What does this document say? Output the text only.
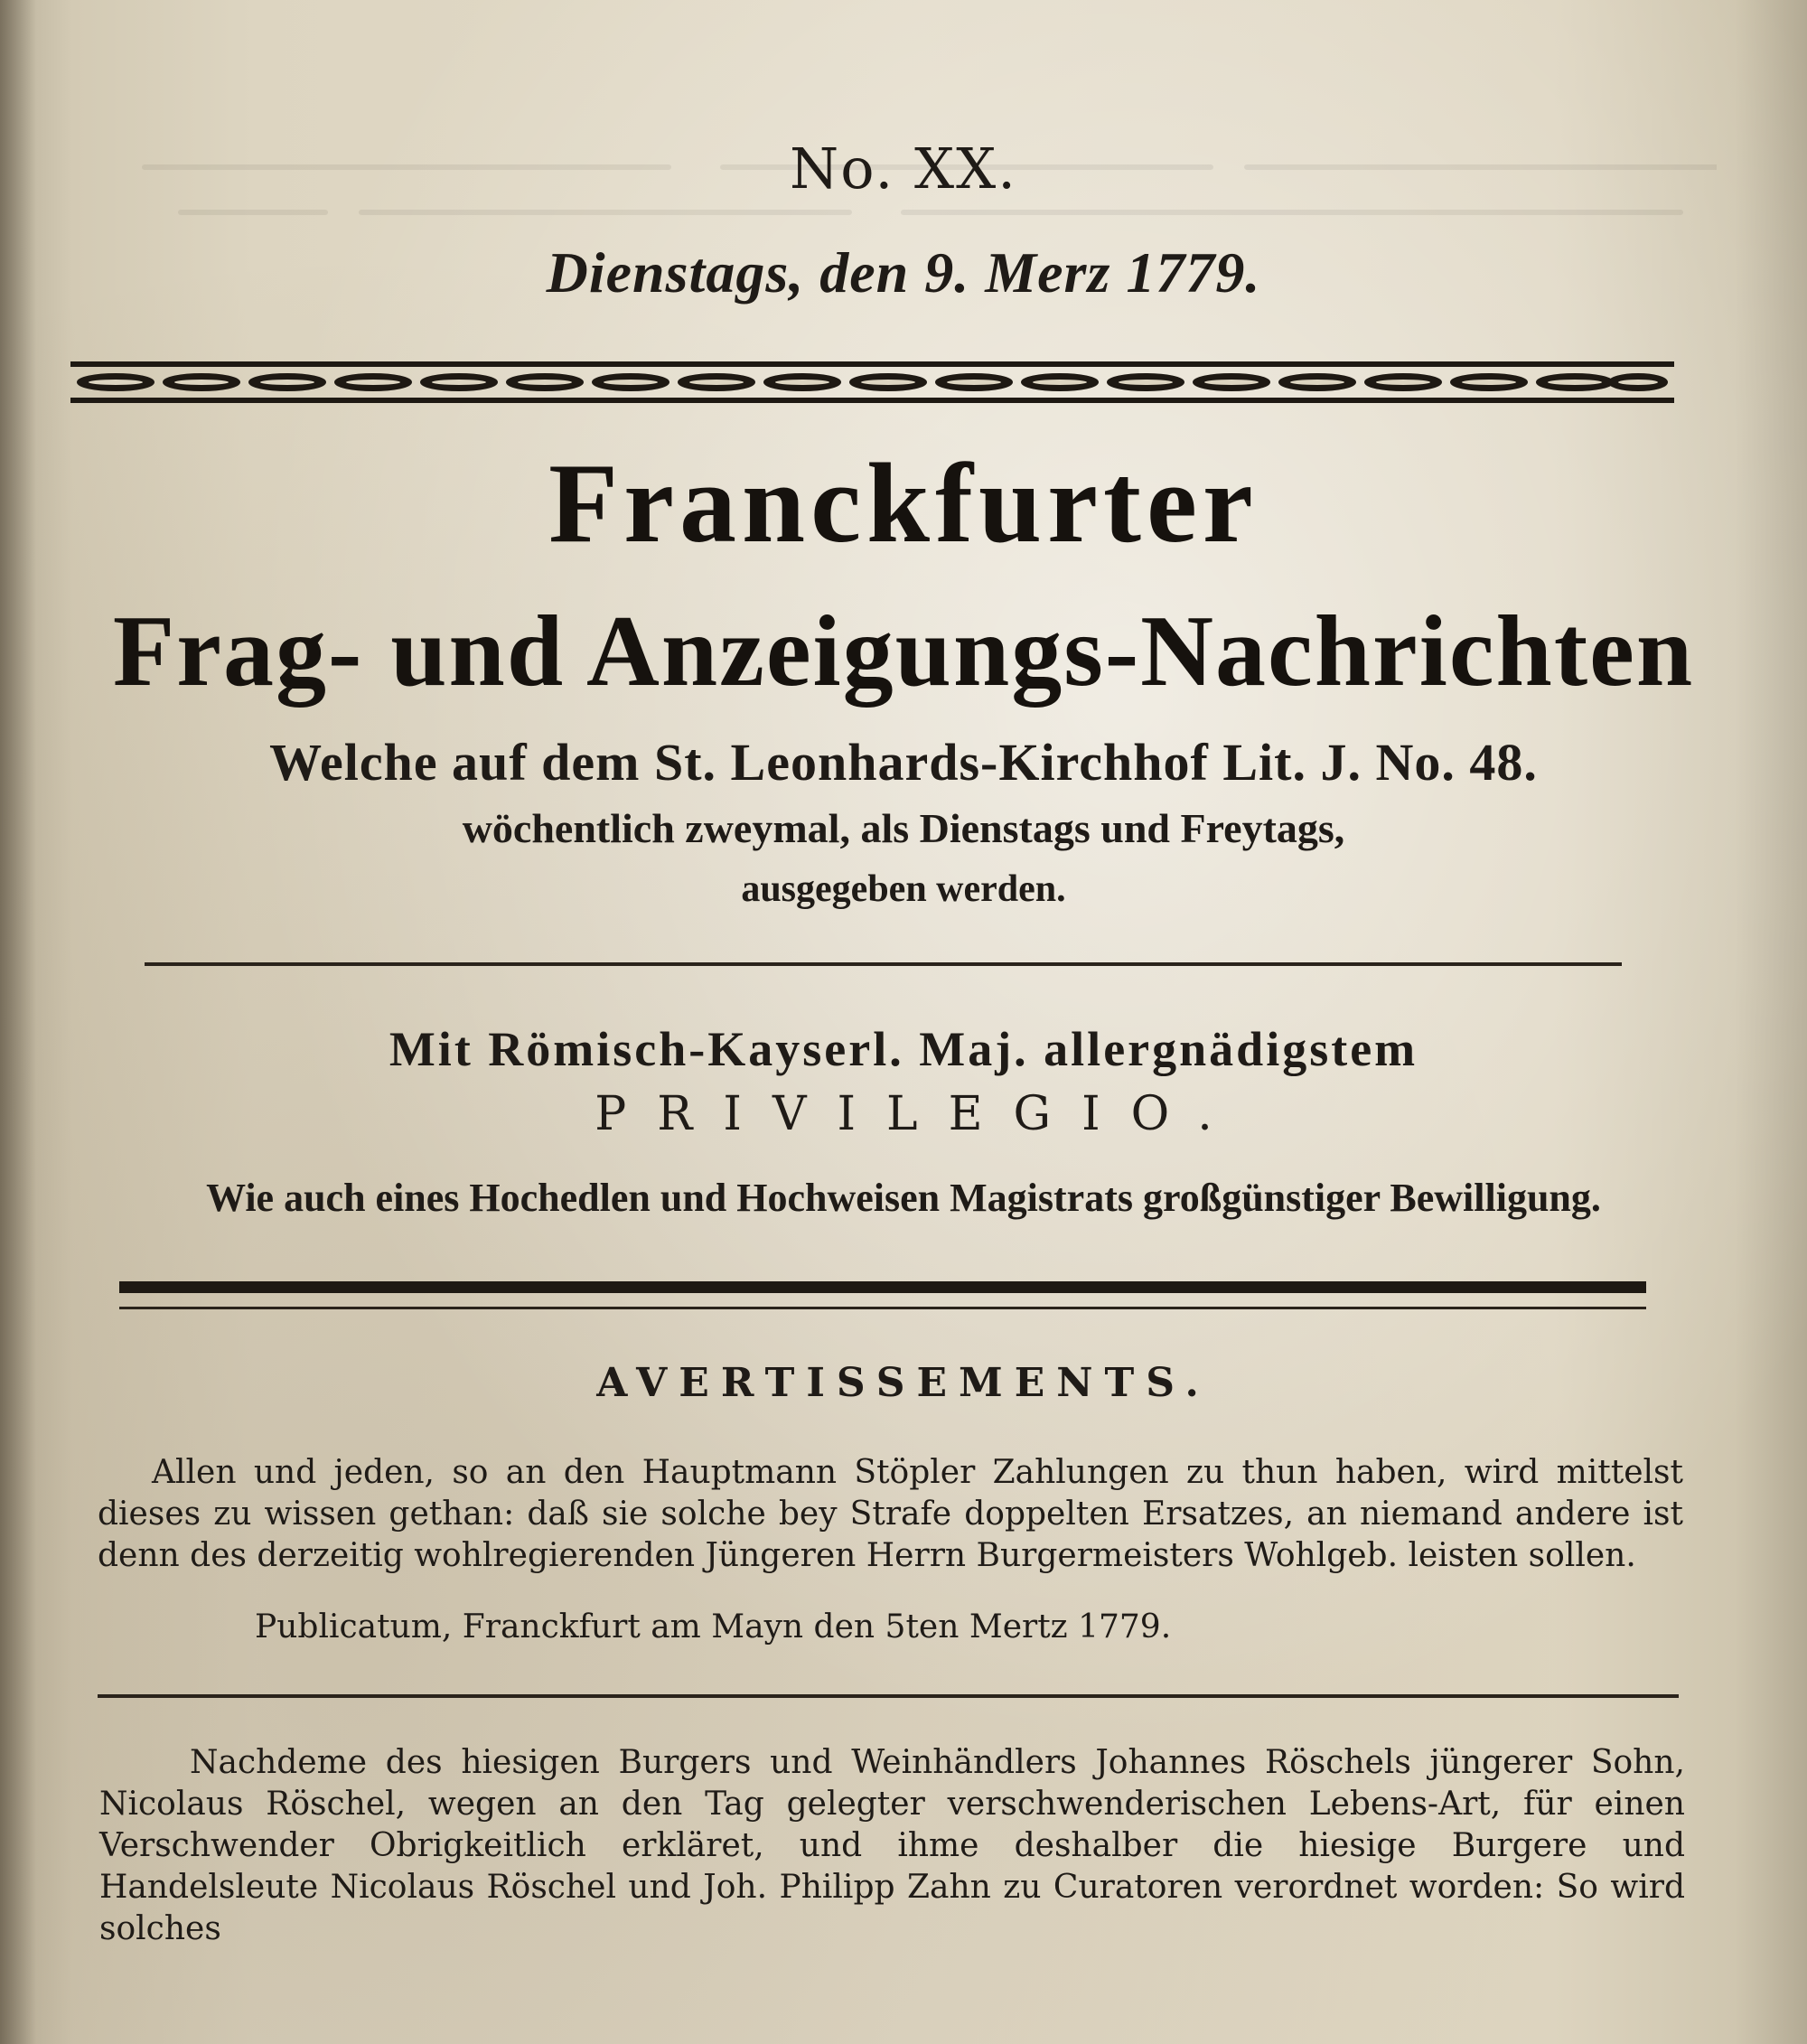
No. XX.
Dienstags, den 9. Merz 1779.
Franckfurter
Frag- und Anzeigungs-Nachrichten
Welche auf dem St. Leonhards-Kirchhof Lit. J. No. 48.
wöchentlich zweymal, als Dienstags und Freytags,
ausgegeben werden.
Mit Römisch-Kayserl. Maj. allergnädigstem
PRIVILEGIO.
Wie auch eines Hochedlen und Hochweisen Magistrats großgünstiger Bewilligung.
AVERTISSEMENTS.

Allen und jeden, so an den Hauptmann Stöpler Zahlungen zu thun haben, wird mittelst dieses zu wissen gethan: daß sie solche bey Strafe doppelten Ersatzes, an niemand andere ist denn des derzeitig wohlregierenden Jüngeren Herrn Burgermeisters Wohlgeb. leisten sollen.

Publicatum, Franckfurt am Mayn den 5ten Mertz 1779.

Nachdeme des hiesigen Burgers und Weinhändlers Johannes Röschels jüngerer Sohn, Nicolaus Röschel, wegen an den Tag gelegter verschwenderischen Lebens-Art, für einen Verschwender Obrigkeitlich erkläret, und ihme deshalber die hiesige Burgere und Handelsleute Nicolaus Röschel und Joh. Philipp Zahn zu Curatoren verordnet worden: So wird solches
